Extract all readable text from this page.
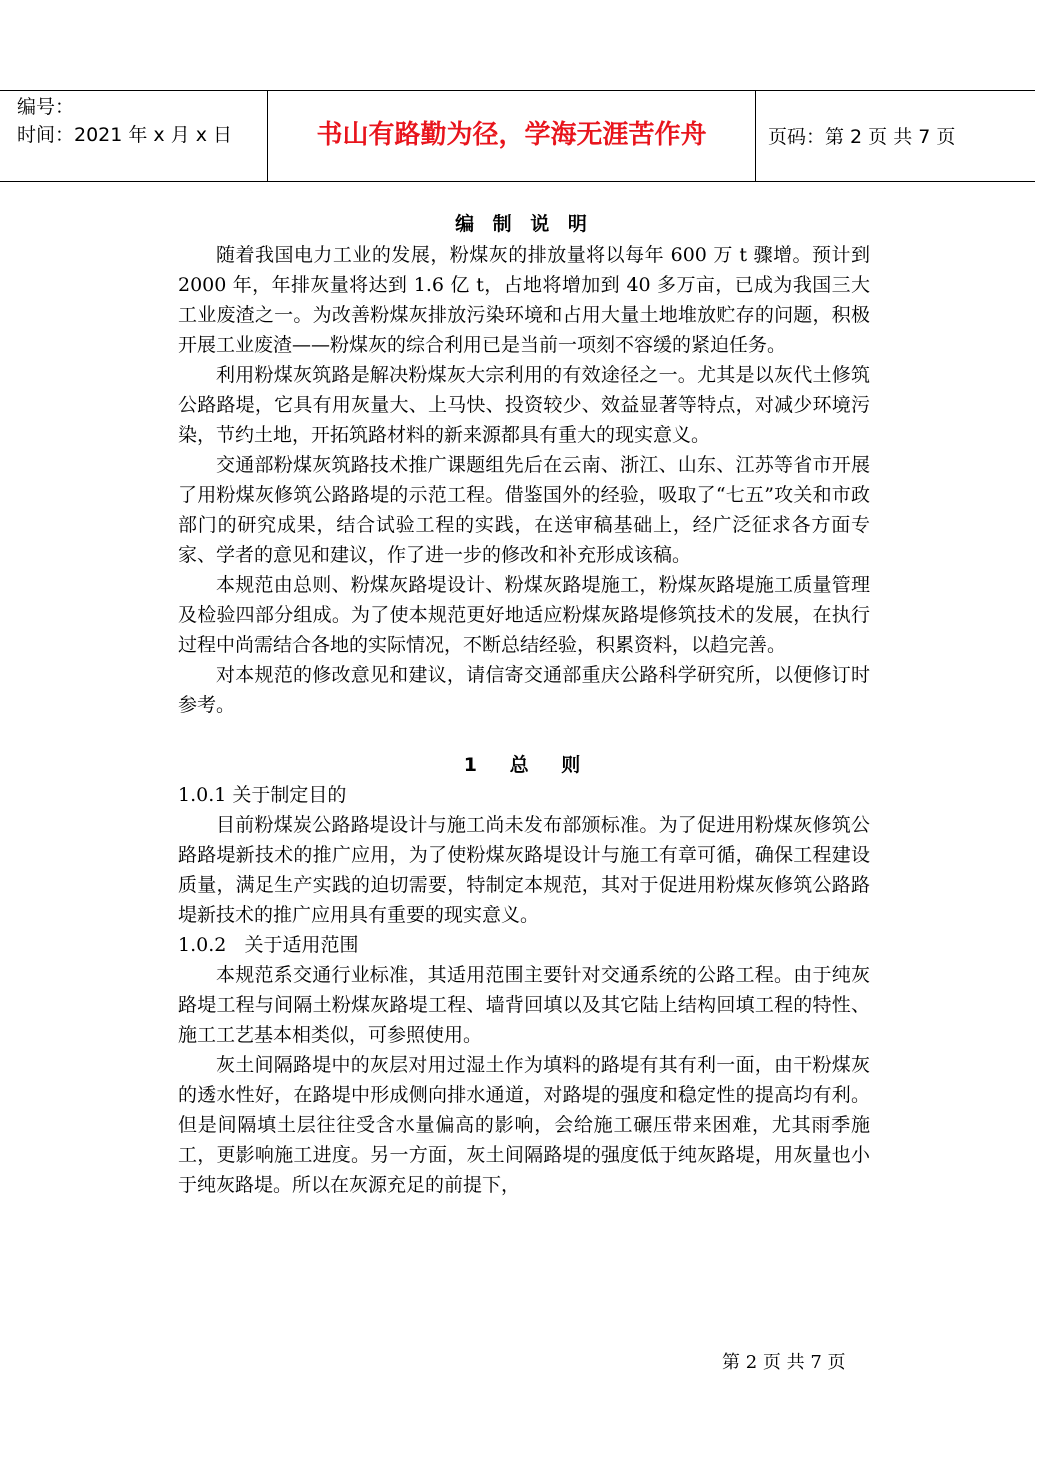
编号：
时间：2021 年 x 月 x 日	书山有路勤为径，学海无涯苦作舟	页码：第 2 页 共 7 页
编 制 说 明

随着我国电力工业的发展，粉煤灰的排放量将以每年 600 万 t 骤增。预计到 2000 年，年排灰量将达到 1.6 亿 t，占地将增加到 40 多万亩，已成为我国三大工业废渣之一。为改善粉煤灰排放污染环境和占用大量土地堆放贮存的问题，积极开展工业废渣——粉煤灰的综合利用已是当前一项刻不容缓的紧迫任务。

利用粉煤灰筑路是解决粉煤灰大宗利用的有效途径之一。尤其是以灰代土修筑公路路堤，它具有用灰量大、上马快、投资较少、效益显著等特点，对减少环境污染，节约土地，开拓筑路材料的新来源都具有重大的现实意义。

交通部粉煤灰筑路技术推广课题组先后在云南、浙江、山东、江苏等省市开展了用粉煤灰修筑公路路堤的示范工程。借鉴国外的经验，吸取了“七五”攻关和市政部门的研究成果，结合试验工程的实践，在送审稿基础上，经广泛征求各方面专家、学者的意见和建议，作了进一步的修改和补充形成该稿。

本规范由总则、粉煤灰路堤设计、粉煤灰路堤施工，粉煤灰路堤施工质量管理及检验四部分组成。为了使本规范更好地适应粉煤灰路堤修筑技术的发展，在执行过程中尚需结合各地的实际情况，不断总结经验，积累资料，以趋完善。

对本规范的修改意见和建议，请信寄交通部重庆公路科学研究所，以便修订时参考。

1 总 则

1.0.1 关于制定目的

目前粉煤炭公路路堤设计与施工尚未发布部颁标准。为了促进用粉煤灰修筑公路路堤新技术的推广应用，为了使粉煤灰路堤设计与施工有章可循，确保工程建设质量，满足生产实践的迫切需要，特制定本规范，其对于促进用粉煤灰修筑公路路堤新技术的推广应用具有重要的现实意义。

1.0.2   关于适用范围

本规范系交通行业标准，其适用范围主要针对交通系统的公路工程。由于纯灰路堤工程与间隔土粉煤灰路堤工程、墙背回填以及其它陆上结构回填工程的特性、施工工艺基本相类似，可参照使用。

灰土间隔路堤中的灰层对用过湿土作为填料的路堤有其有利一面，由干粉煤灰的透水性好，在路堤中形成侧向排水通道，对路堤的强度和稳定性的提高均有利。但是间隔填土层往往受含水量偏高的影响，会给施工碾压带来困难，尤其雨季施工，更影响施工进度。另一方面，灰土间隔路堤的强度低于纯灰路堤，用灰量也小于纯灰路堤。所以在灰源充足的前提下，

第 2 页 共 7 页
